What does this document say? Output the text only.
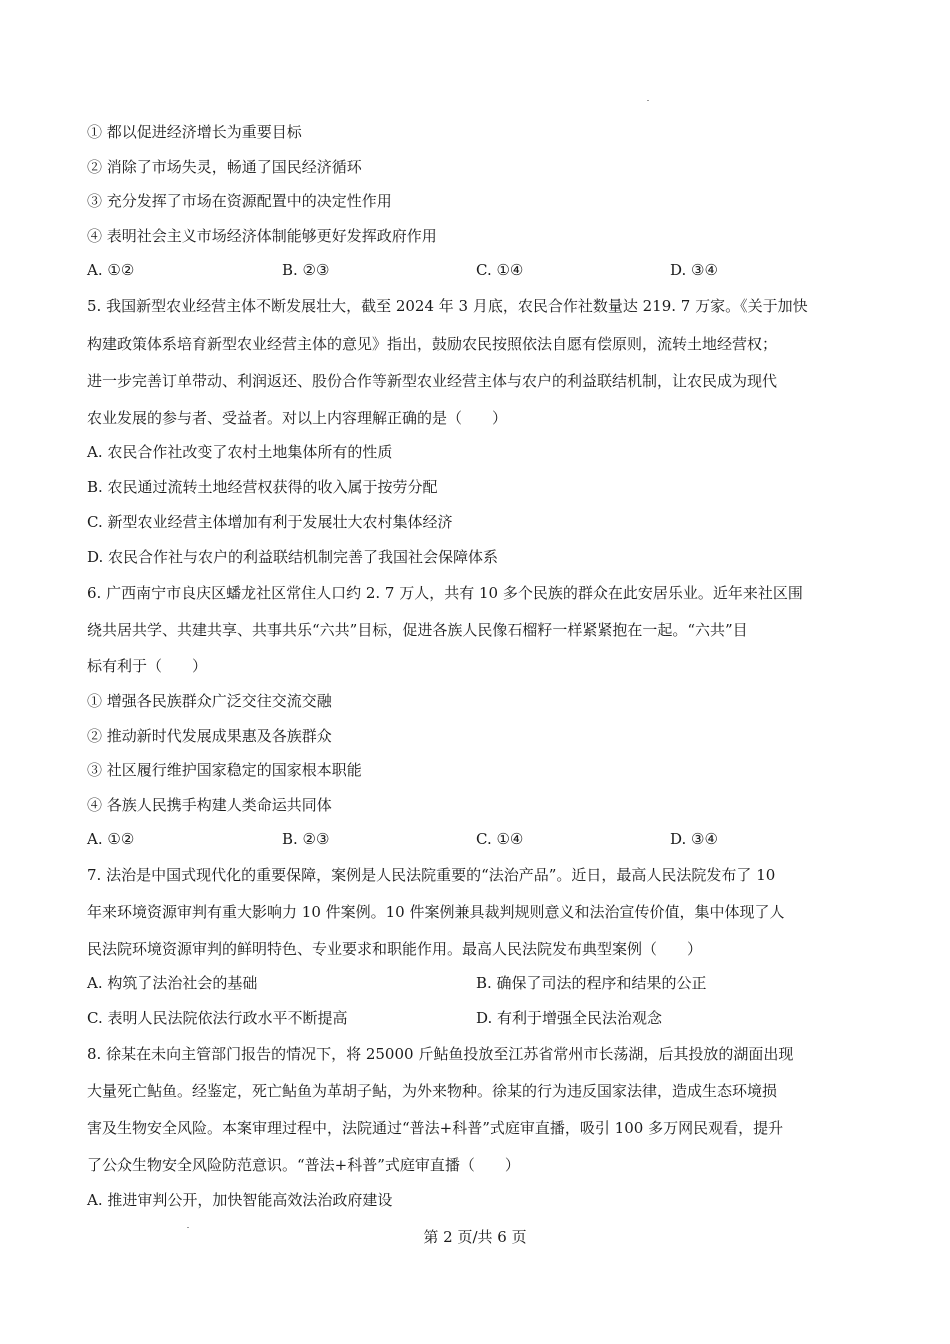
① 都以促进经济增长为重要目标
② 消除了市场失灵，畅通了国民经济循环
③ 充分发挥了市场在资源配置中的决定性作用
④ 表明社会主义市场经济体制能够更好发挥政府作用
A. ①②	B. ②③	C. ①④	D. ③④
5. 我国新型农业经营主体不断发展壮大，截至 2024 年 3 月底，农民合作社数量达 219. 7 万家。《关于加快
构建政策体系培育新型农业经营主体的意见》指出，鼓励农民按照依法自愿有偿原则，流转土地经营权；
进一步完善订单带动、利润返还、股份合作等新型农业经营主体与农户的利益联结机制，让农民成为现代
农业发展的参与者、受益者。对以上内容理解正确的是（　　）
A. 农民合作社改变了农村土地集体所有的性质
B. 农民通过流转土地经营权获得的收入属于按劳分配
C. 新型农业经营主体增加有利于发展壮大农村集体经济
D. 农民合作社与农户的利益联结机制完善了我国社会保障体系
6. 广西南宁市良庆区蟠龙社区常住人口约 2. 7 万人，共有 10 多个民族的群众在此安居乐业。近年来社区围
绕共居共学、共建共享、共事共乐“六共”目标，促进各族人民像石榴籽一样紧紧抱在一起。“六共”目
标有利于（　　）
① 增强各民族群众广泛交往交流交融
② 推动新时代发展成果惠及各族群众
③ 社区履行维护国家稳定的国家根本职能
④ 各族人民携手构建人类命运共同体
A. ①②	B. ②③	C. ①④	D. ③④
7. 法治是中国式现代化的重要保障，案例是人民法院重要的“法治产品”。近日，最高人民法院发布了 10
年来环境资源审判有重大影响力 10 件案例。10 件案例兼具裁判规则意义和法治宣传价值，集中体现了人
民法院环境资源审判的鲜明特色、专业要求和职能作用。最高人民法院发布典型案例（　　）
A. 构筑了法治社会的基础	B. 确保了司法的程序和结果的公正
C. 表明人民法院依法行政水平不断提高	D. 有利于增强全民法治观念
8. 徐某在未向主管部门报告的情况下，将 25000 斤鲇鱼投放至江苏省常州市长荡湖，后其投放的湖面出现
大量死亡鲇鱼。经鉴定，死亡鲇鱼为革胡子鲇，为外来物种。徐某的行为违反国家法律，造成生态环境损
害及生物安全风险。本案审理过程中，法院通过“普法+科普”式庭审直播，吸引 100 多万网民观看，提升
了公众生物安全风险防范意识。“普法+科普”式庭审直播（　　）
A. 推进审判公开，加快智能高效法治政府建设
第 2 页/共 6 页
